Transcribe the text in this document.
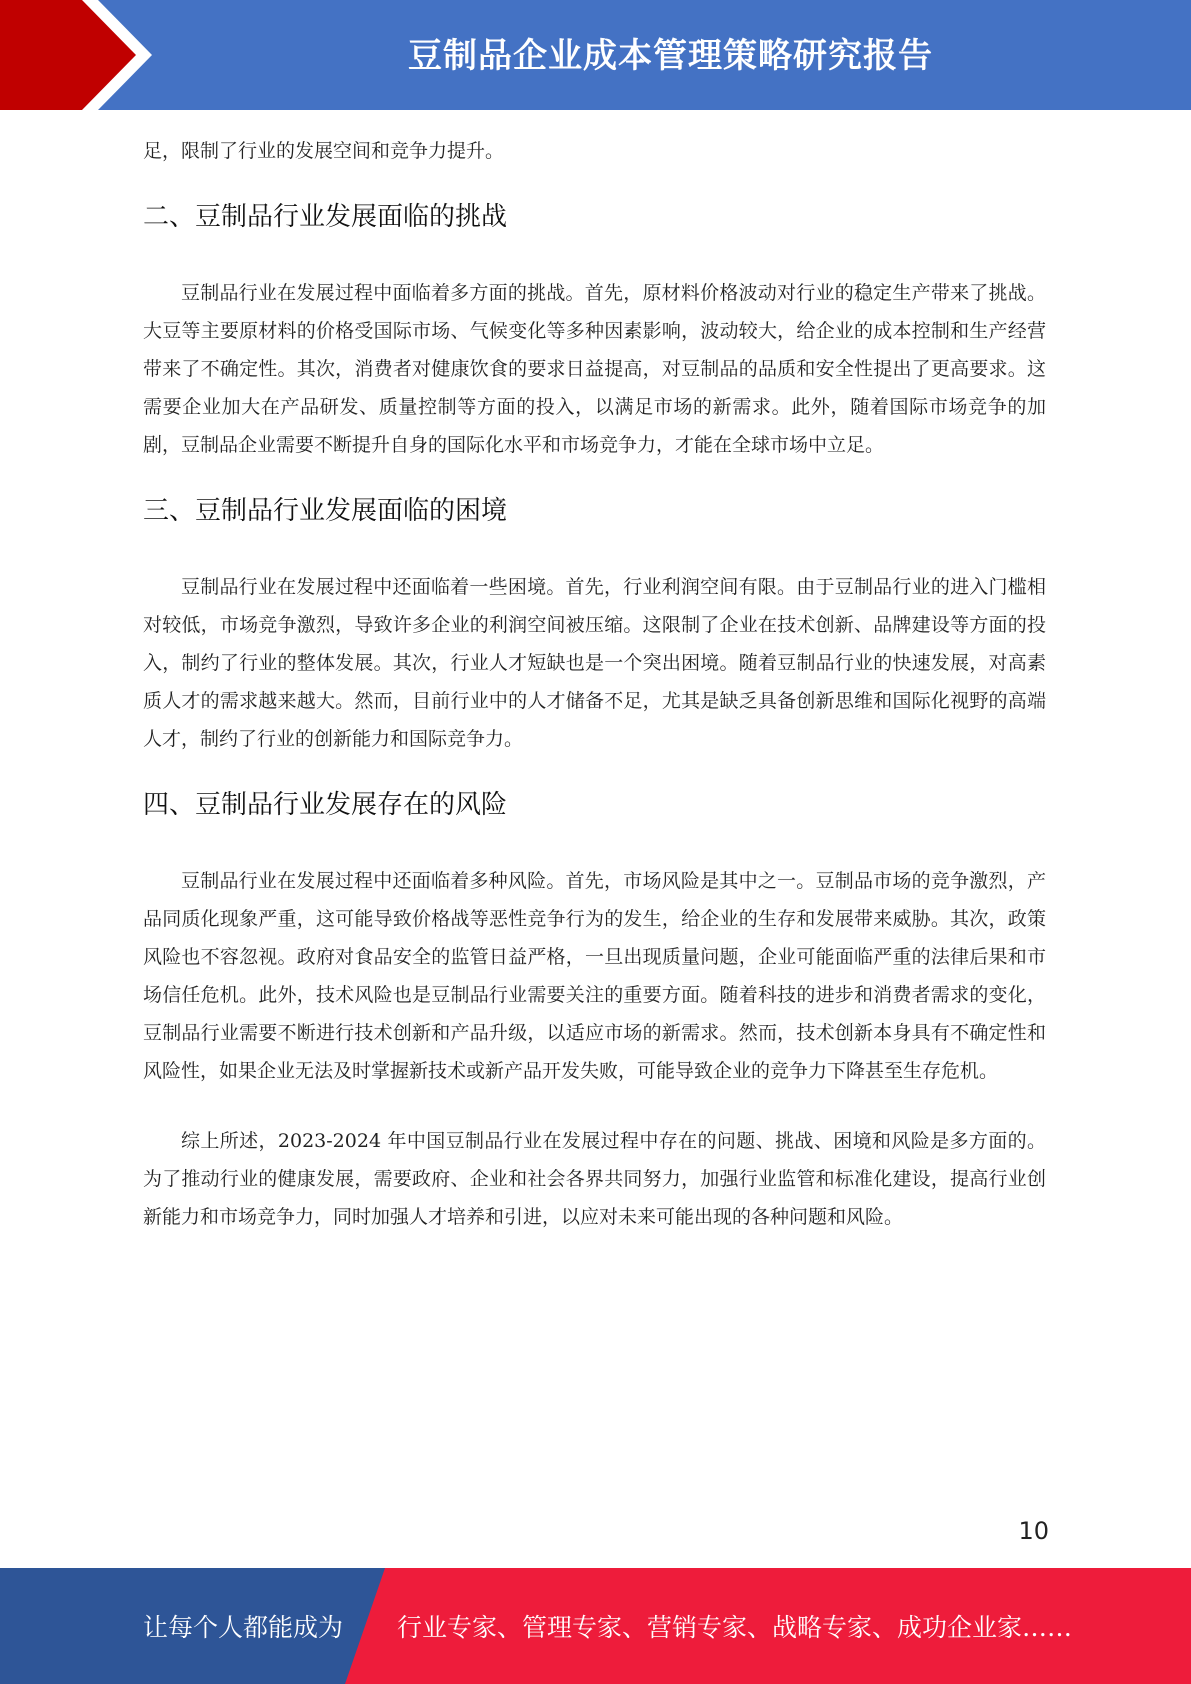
豆制品企业成本管理策略研究报告

足，限制了行业的发展空间和竞争力提升。

二、豆制品行业发展面临的挑战

豆制品行业在发展过程中面临着多方面的挑战。首先，原材料价格波动对行业的稳定生产带来了挑战。大豆等主要原材料的价格受国际市场、气候变化等多种因素影响，波动较大，给企业的成本控制和生产经营带来了不确定性。其次，消费者对健康饮食的要求日益提高，对豆制品的品质和安全性提出了更高要求。这需要企业加大在产品研发、质量控制等方面的投入，以满足市场的新需求。此外，随着国际市场竞争的加剧，豆制品企业需要不断提升自身的国际化水平和市场竞争力，才能在全球市场中立足。

三、豆制品行业发展面临的困境

豆制品行业在发展过程中还面临着一些困境。首先，行业利润空间有限。由于豆制品行业的进入门槛相对较低，市场竞争激烈，导致许多企业的利润空间被压缩。这限制了企业在技术创新、品牌建设等方面的投入，制约了行业的整体发展。其次，行业人才短缺也是一个突出困境。随着豆制品行业的快速发展，对高素质人才的需求越来越大。然而，目前行业中的人才储备不足，尤其是缺乏具备创新思维和国际化视野的高端人才，制约了行业的创新能力和国际竞争力。

四、豆制品行业发展存在的风险

豆制品行业在发展过程中还面临着多种风险。首先，市场风险是其中之一。豆制品市场的竞争激烈，产品同质化现象严重，这可能导致价格战等恶性竞争行为的发生，给企业的生存和发展带来威胁。其次，政策风险也不容忽视。政府对食品安全的监管日益严格，一旦出现质量问题，企业可能面临严重的法律后果和市场信任危机。此外，技术风险也是豆制品行业需要关注的重要方面。随着科技的进步和消费者需求的变化，豆制品行业需要不断进行技术创新和产品升级，以适应市场的新需求。然而，技术创新本身具有不确定性和风险性，如果企业无法及时掌握新技术或新产品开发失败，可能导致企业的竞争力下降甚至生存危机。

综上所述，2023-2024 年中国豆制品行业在发展过程中存在的问题、挑战、困境和风险是多方面的。为了推动行业的健康发展，需要政府、企业和社会各界共同努力，加强行业监管和标准化建设，提高行业创新能力和市场竞争力，同时加强人才培养和引进，以应对未来可能出现的各种问题和风险。

10
让每个人都能成为 行业专家、管理专家、营销专家、战略专家、成功企业家……
